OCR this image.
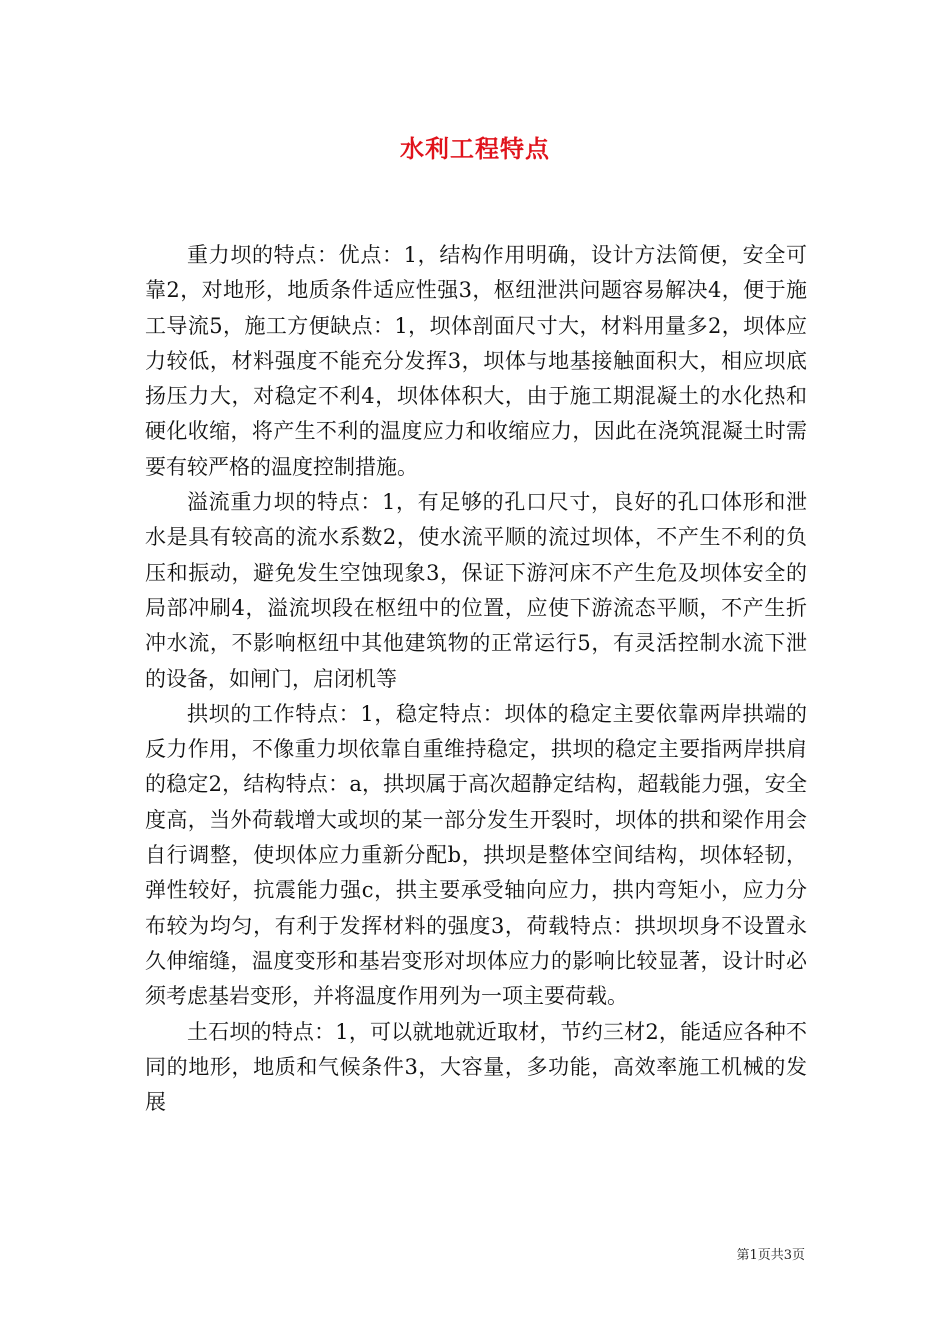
水利工程特点

重力坝的特点：优点：1，结构作用明确，设计方法简便，安全可靠2，对地形，地质条件适应性强3，枢纽泄洪问题容易解决4，便于施工导流5，施工方便缺点：1，坝体剖面尺寸大，材料用量多2，坝体应力较低，材料强度不能充分发挥3，坝体与地基接触面积大，相应坝底扬压力大，对稳定不利4，坝体体积大，由于施工期混凝土的水化热和硬化收缩，将产生不利的温度应力和收缩应力，因此在浇筑混凝土时需要有较严格的温度控制措施。

溢流重力坝的特点：1，有足够的孔口尺寸，良好的孔口体形和泄水是具有较高的流水系数2，使水流平顺的流过坝体，不产生不利的负压和振动，避免发生空蚀现象3，保证下游河床不产生危及坝体安全的局部冲刷4，溢流坝段在枢纽中的位置，应使下游流态平顺，不产生折冲水流，不影响枢纽中其他建筑物的正常运行5，有灵活控制水流下泄的设备，如闸门，启闭机等

拱坝的工作特点：1，稳定特点：坝体的稳定主要依靠两岸拱端的反力作用，不像重力坝依靠自重维持稳定，拱坝的稳定主要指两岸拱肩的稳定2，结构特点：a，拱坝属于高次超静定结构，超载能力强，安全度高，当外荷载增大或坝的某一部分发生开裂时，坝体的拱和梁作用会自行调整，使坝体应力重新分配b，拱坝是整体空间结构，坝体轻韧，弹性较好，抗震能力强c，拱主要承受轴向应力，拱内弯矩小，应力分布较为均匀，有利于发挥材料的强度3，荷载特点：拱坝坝身不设置永久伸缩缝，温度变形和基岩变形对坝体应力的影响比较显著，设计时必须考虑基岩变形，并将温度作用列为一项主要荷载。

土石坝的特点：1，可以就地就近取材，节约三材2，能适应各种不同的地形，地质和气候条件3，大容量，多功能，高效率施工机械的发展

第1页共3页
